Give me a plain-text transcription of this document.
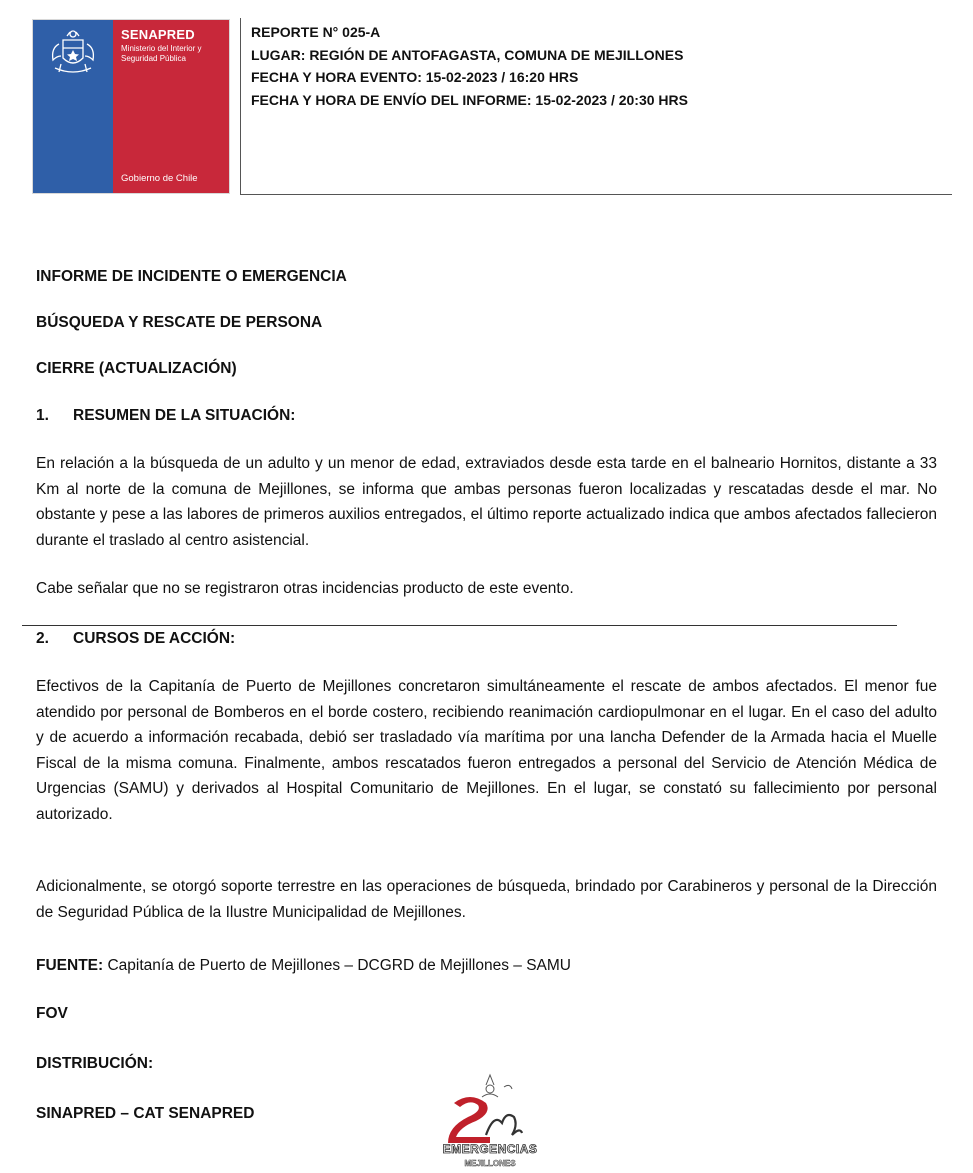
SENAPRED
Ministerio del Interior y Seguridad Pública
Gobierno de Chile
REPORTE N° 025-A
LUGAR: REGIÓN DE ANTOFAGASTA, COMUNA DE MEJILLONES
FECHA Y HORA EVENTO: 15-02-2023 / 16:20 HRS
FECHA Y HORA DE ENVÍO DEL INFORME: 15-02-2023 / 20:30 HRS
INFORME DE INCIDENTE O EMERGENCIA
BÚSQUEDA Y RESCATE DE PERSONA
CIERRE (ACTUALIZACIÓN)
1. RESUMEN DE LA SITUACIÓN:
En relación a la búsqueda de un adulto y un menor de edad, extraviados desde esta tarde en el balneario Hornitos, distante a 33 Km al norte de la comuna de Mejillones, se informa que ambas personas fueron localizadas y rescatadas desde el mar. No obstante y pese a las labores de primeros auxilios entregados, el último reporte actualizado indica que ambos afectados fallecieron durante el traslado al centro asistencial.
Cabe señalar que no se registraron otras incidencias producto de este evento.
2. CURSOS DE ACCIÓN:
Efectivos de la Capitanía de Puerto de Mejillones concretaron simultáneamente el rescate de ambos afectados. El menor fue atendido por personal de Bomberos en el borde costero, recibiendo reanimación cardiopulmonar en el lugar. En el caso del adulto y de acuerdo a información recabada, debió ser trasladado vía marítima por una lancha Defender de la Armada hacia el Muelle Fiscal de la misma comuna. Finalmente, ambos rescatados fueron entregados a personal del Servicio de Atención Médica de Urgencias (SAMU) y derivados al Hospital Comunitario de Mejillones. En el lugar, se constató su fallecimiento por personal autorizado.
Adicionalmente, se otorgó soporte terrestre en las operaciones de búsqueda, brindado por Carabineros y personal de la Dirección de Seguridad Pública de la Ilustre Municipalidad de Mejillones.
FUENTE: Capitanía de Puerto de Mejillones – DCGRD de Mejillones – SAMU
FOV
DISTRIBUCIÓN:
SINAPRED – CAT SENAPRED
EMERGENCIAS
MEJILLONES
